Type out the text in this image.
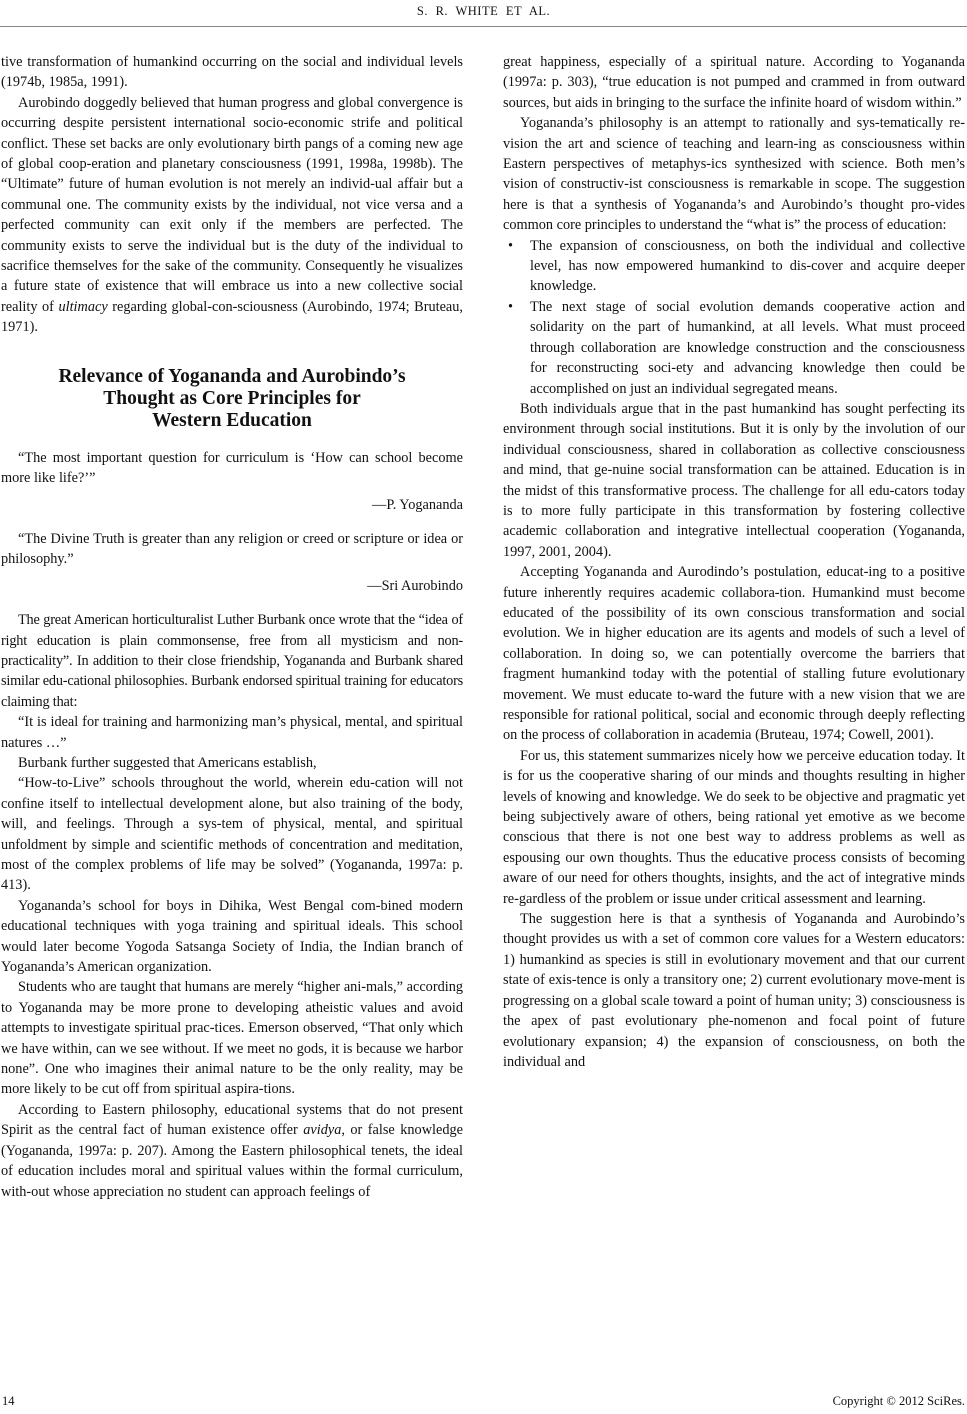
S. R. WHITE ET AL.

tive transformation of humankind occurring on the social and individual levels (1974b, 1985a, 1991).

Aurobindo doggedly believed that human progress and global convergence is occurring despite persistent international socio-economic strife and political conflict. These set backs are only evolutionary birth pangs of a coming new age of global coop-eration and planetary consciousness (1991, 1998a, 1998b). The “Ultimate” future of human evolution is not merely an individ-ual affair but a communal one. The community exists by the individual, not vice versa and a perfected community can exit only if the members are perfected. The community exists to serve the individual but is the duty of the individual to sacrifice themselves for the sake of the community. Consequently he visualizes a future state of existence that will embrace us into a new collective social reality of ultimacy regarding global-con-sciousness (Aurobindo, 1974; Bruteau, 1971).

Relevance of Yogananda and Aurobindo’s
Thought as Core Principles for
Western Education

“The most important question for curriculum is ‘How can school become more like life?’”

—P. Yogananda

“The Divine Truth is greater than any religion or creed or scripture or idea or philosophy.”

—Sri Aurobindo

The great American horticulturalist Luther Burbank once wrote that the “idea of right education is plain commonsense, free from all mysticism and non-practicality”. In addition to their close friendship, Yogananda and Burbank shared similar edu-cational philosophies. Burbank endorsed spiritual training for educators claiming that:

“It is ideal for training and harmonizing man’s physical, mental, and spiritual natures …”

Burbank further suggested that Americans establish,

“How-to-Live” schools throughout the world, wherein edu-cation will not confine itself to intellectual development alone, but also training of the body, will, and feelings. Through a sys-tem of physical, mental, and spiritual unfoldment by simple and scientific methods of concentration and meditation, most of the complex problems of life may be solved” (Yogananda, 1997a: p. 413).

Yogananda’s school for boys in Dihika, West Bengal com-bined modern educational techniques with yoga training and spiritual ideals. This school would later become Yogoda Satsanga Society of India, the Indian branch of Yogananda’s American organization.

Students who are taught that humans are merely “higher ani-mals,” according to Yogananda may be more prone to developing atheistic values and avoid attempts to investigate spiritual prac-tices. Emerson observed, “That only which we have within, can we see without. If we meet no gods, it is because we harbor none”. One who imagines their animal nature to be the only reality, may be more likely to be cut off from spiritual aspira-tions.

According to Eastern philosophy, educational systems that do not present Spirit as the central fact of human existence offer avidya, or false knowledge (Yogananda, 1997a: p. 207). Among the Eastern philosophical tenets, the ideal of education includes moral and spiritual values within the formal curriculum, with-out whose appreciation no student can approach feelings of

great happiness, especially of a spiritual nature. According to Yogananda (1997a: p. 303), “true education is not pumped and crammed in from outward sources, but aids in bringing to the surface the infinite hoard of wisdom within.”

Yogananda’s philosophy is an attempt to rationally and sys-tematically re-vision the art and science of teaching and learn-ing as consciousness within Eastern perspectives of metaphys-ics synthesized with science. Both men’s vision of constructiv-ist consciousness is remarkable in scope. The suggestion here is that a synthesis of Yogananda’s and Aurobindo’s thought pro-vides common core principles to understand the “what is” the process of education:

• The expansion of consciousness, on both the individual and collective level, has now empowered humankind to dis-cover and acquire deeper knowledge.
• The next stage of social evolution demands cooperative action and solidarity on the part of humankind, at all levels. What must proceed through collaboration are knowledge construction and the consciousness for reconstructing soci-ety and advancing knowledge then could be accomplished on just an individual segregated means.

Both individuals argue that in the past humankind has sought perfecting its environment through social institutions. But it is only by the involution of our individual consciousness, shared in collaboration as collective consciousness and mind, that ge-nuine social transformation can be attained. Education is in the midst of this transformative process. The challenge for all edu-cators today is to more fully participate in this transformation by fostering collective academic collaboration and integrative intellectual cooperation (Yogananda, 1997, 2001, 2004).

Accepting Yogananda and Aurodindo’s postulation, educat-ing to a positive future inherently requires academic collabora-tion. Humankind must become educated of the possibility of its own conscious transformation and social evolution. We in higher education are its agents and models of such a level of collaboration. In doing so, we can potentially overcome the barriers that fragment humankind today with the potential of stalling future evolutionary movement. We must educate to-ward the future with a new vision that we are responsible for rational political, social and economic through deeply reflecting on the process of collaboration in academia (Bruteau, 1974; Cowell, 2001).

For us, this statement summarizes nicely how we perceive education today. It is for us the cooperative sharing of our minds and thoughts resulting in higher levels of knowing and knowledge. We do seek to be objective and pragmatic yet being subjectively aware of others, being rational yet emotive as we become conscious that there is not one best way to address problems as well as espousing our own thoughts. Thus the educative process consists of becoming aware of our need for others thoughts, insights, and the act of integrative minds re-gardless of the problem or issue under critical assessment and learning.

The suggestion here is that a synthesis of Yogananda and Aurobindo’s thought provides us with a set of common core values for a Western educators: 1) humankind as species is still in evolutionary movement and that our current state of exis-tence is only a transitory one; 2) current evolutionary move-ment is progressing on a global scale toward a point of human unity; 3) consciousness is the apex of past evolutionary phe-nomenon and focal point of future evolutionary expansion; 4) the expansion of consciousness, on both the individual and

14	Copyright © 2012 SciRes.
